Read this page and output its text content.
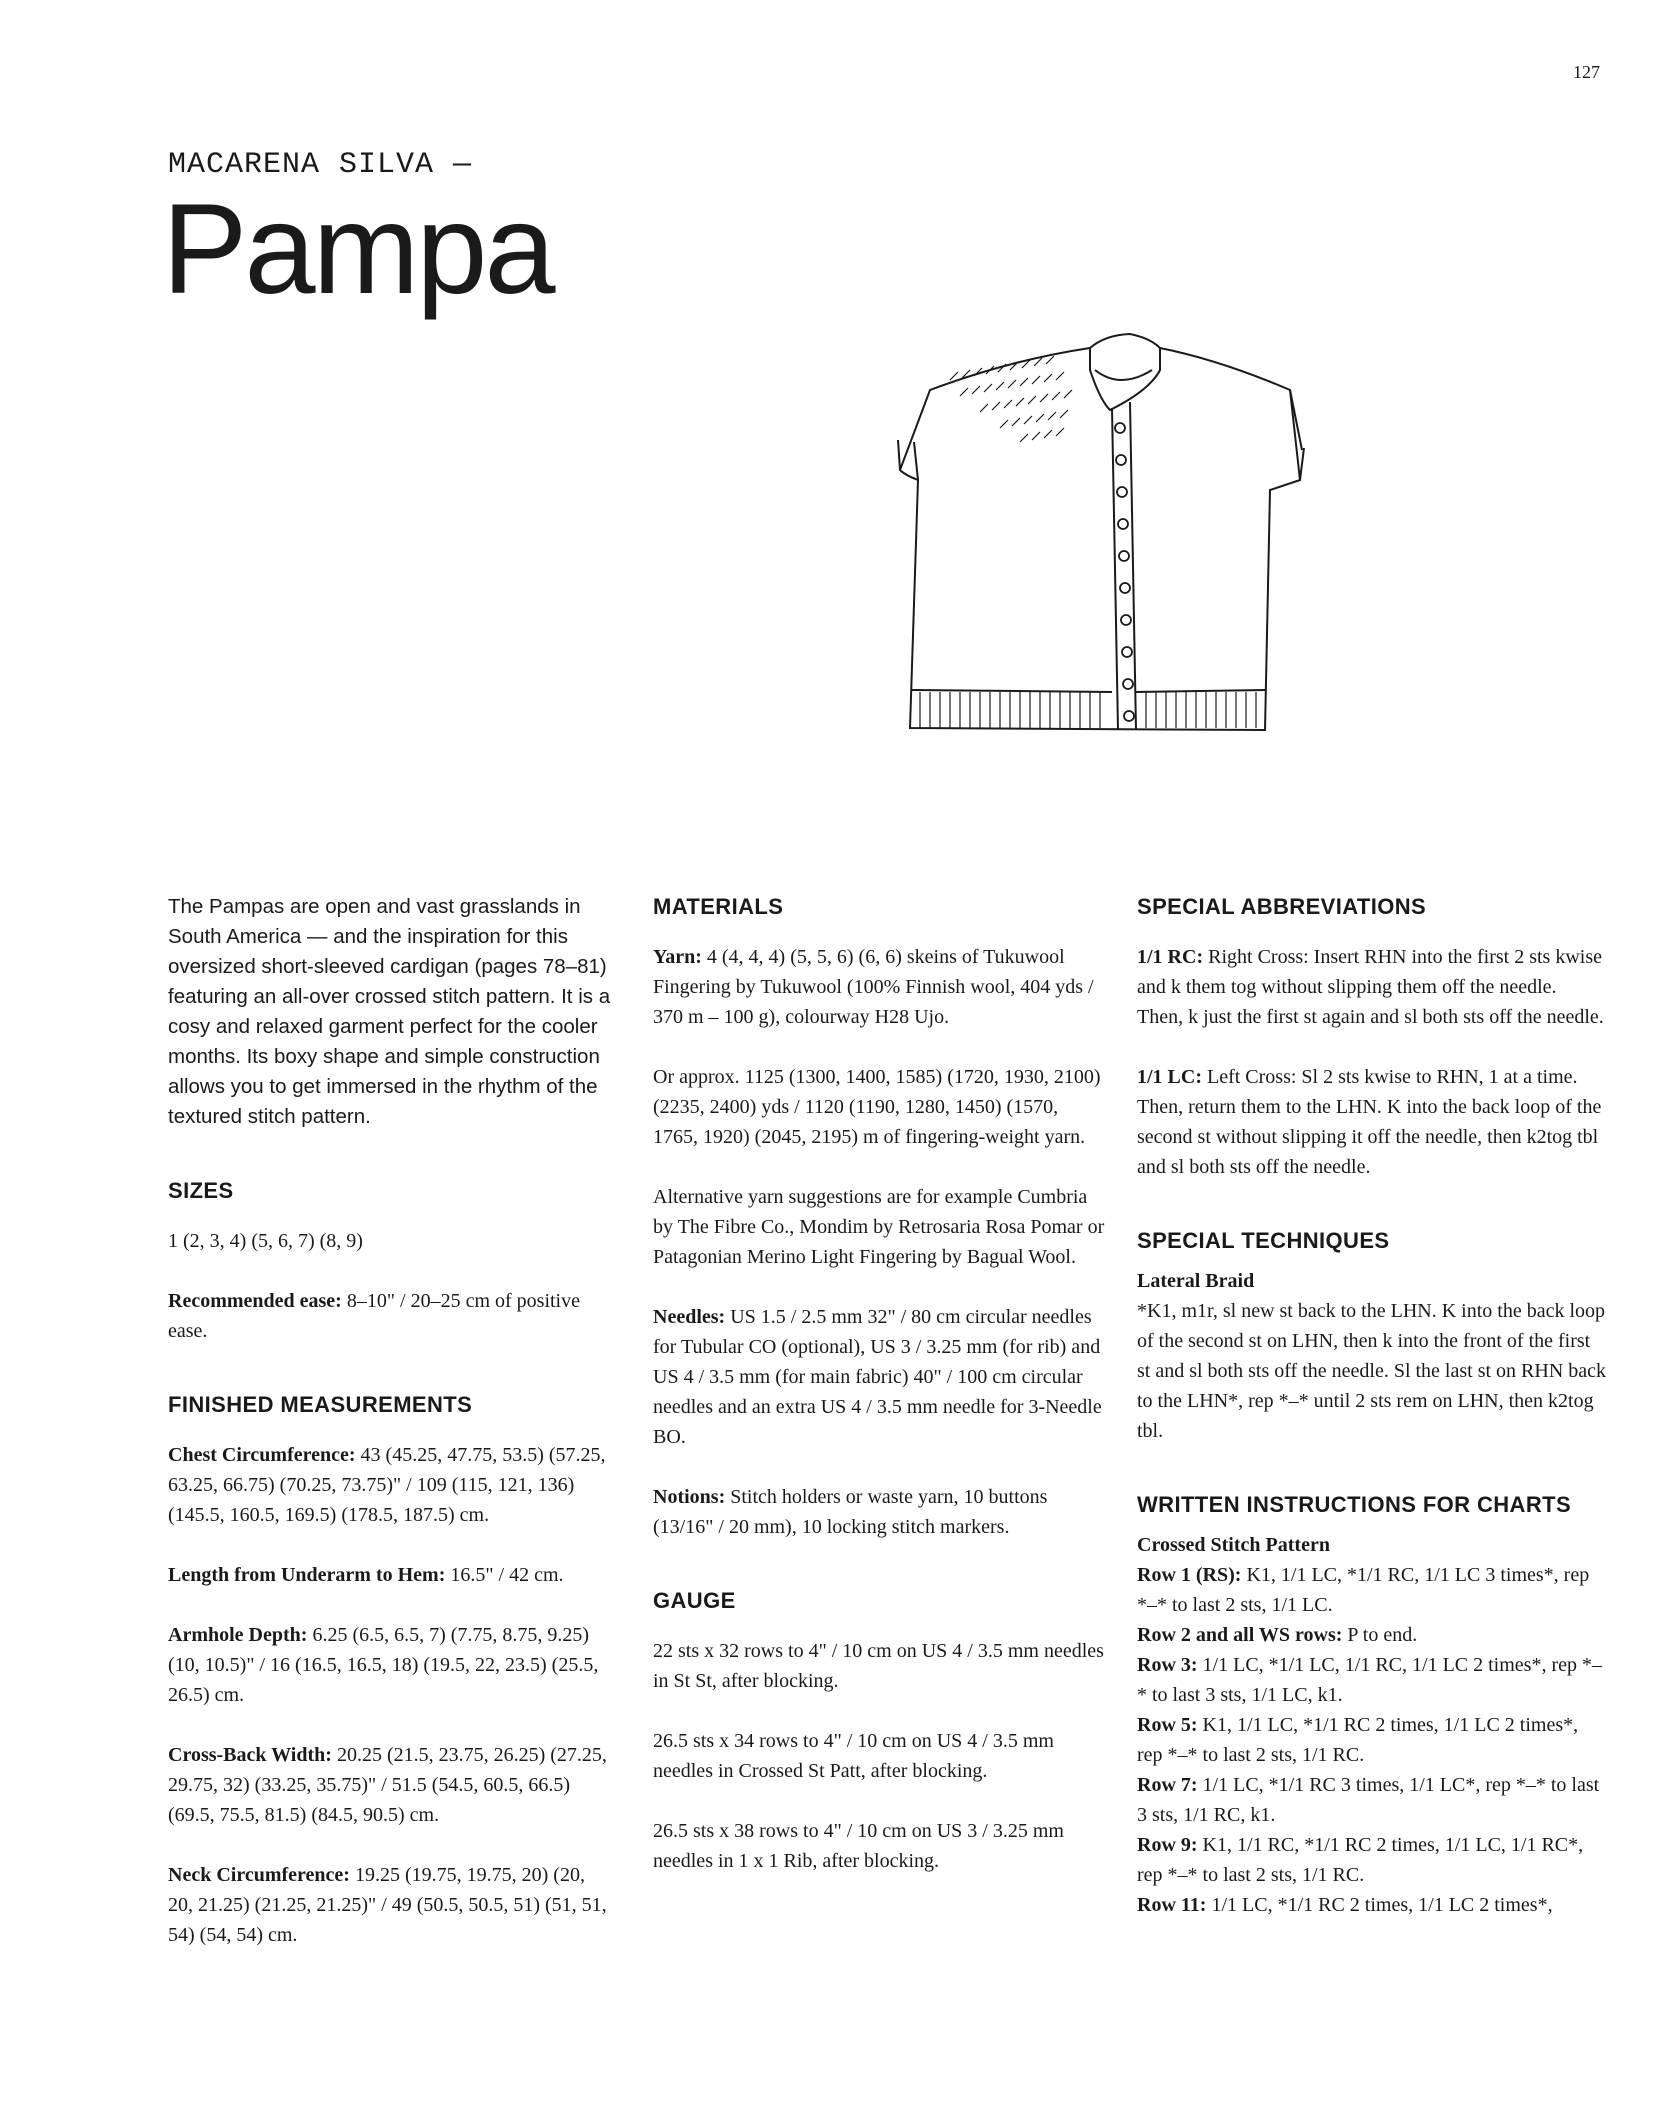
127
MACARENA SILVA —
Pampa

The Pampas are open and vast grasslands in South America — and the inspiration for this oversized short-sleeved cardigan (pages 78–81) featuring an all-over crossed stitch pattern. It is a cosy and relaxed garment perfect for the cooler months. Its boxy shape and simple construction allows you to get immersed in the rhythm of the textured stitch pattern.

SIZES

1 (2, 3, 4) (5, 6, 7) (8, 9)

Recommended ease: 8–10" / 20–25 cm of positive ease.

FINISHED MEASUREMENTS

Chest Circumference: 43 (45.25, 47.75, 53.5) (57.25, 63.25, 66.75) (70.25, 73.75)" / 109 (115, 121, 136) (145.5, 160.5, 169.5) (178.5, 187.5) cm.

Length from Underarm to Hem: 16.5" / 42 cm.

Armhole Depth: 6.25 (6.5, 6.5, 7) (7.75, 8.75, 9.25) (10, 10.5)" / 16 (16.5, 16.5, 18) (19.5, 22, 23.5) (25.5, 26.5) cm.

Cross-Back Width: 20.25 (21.5, 23.75, 26.25) (27.25, 29.75, 32) (33.25, 35.75)" / 51.5 (54.5, 60.5, 66.5) (69.5, 75.5, 81.5) (84.5, 90.5) cm.

Neck Circumference: 19.25 (19.75, 19.75, 20) (20, 20, 21.25) (21.25, 21.25)" / 49 (50.5, 50.5, 51) (51, 51, 54) (54, 54) cm.

MATERIALS

Yarn: 4 (4, 4, 4) (5, 5, 6) (6, 6) skeins of Tukuwool Fingering by Tukuwool (100% Finnish wool, 404 yds / 370 m – 100 g), colourway H28 Ujo.

Or approx. 1125 (1300, 1400, 1585) (1720, 1930, 2100) (2235, 2400) yds / 1120 (1190, 1280, 1450) (1570, 1765, 1920) (2045, 2195) m of fingering-weight yarn.

Alternative yarn suggestions are for example Cumbria by The Fibre Co., Mondim by Retrosaria Rosa Pomar or Patagonian Merino Light Fingering by Bagual Wool.

Needles: US 1.5 / 2.5 mm 32" / 80 cm circular needles for Tubular CO (optional), US 3 / 3.25 mm (for rib) and US 4 / 3.5 mm (for main fabric) 40" / 100 cm circular needles and an extra US 4 / 3.5 mm needle for 3-Needle BO.

Notions: Stitch holders or waste yarn, 10 buttons (13/16" / 20 mm), 10 locking stitch markers.

GAUGE

22 sts x 32 rows to 4" / 10 cm on US 4 / 3.5 mm needles in St St, after blocking.

26.5 sts x 34 rows to 4" / 10 cm on US 4 / 3.5 mm needles in Crossed St Patt, after blocking.

26.5 sts x 38 rows to 4" / 10 cm on US 3 / 3.25 mm needles in 1 x 1 Rib, after blocking.

SPECIAL ABBREVIATIONS

1/1 RC: Right Cross: Insert RHN into the first 2 sts kwise and k them tog without slipping them off the needle. Then, k just the first st again and sl both sts off the needle.

1/1 LC: Left Cross: Sl 2 sts kwise to RHN, 1 at a time. Then, return them to the LHN. K into the back loop of the second st without slipping it off the needle, then k2tog tbl and sl both sts off the needle.

SPECIAL TECHNIQUES
Lateral Braid

*K1, m1r, sl new st back to the LHN. K into the back loop of the second st on LHN, then k into the front of the first st and sl both sts off the needle. Sl the last st on RHN back to the LHN*, rep *–* until 2 sts rem on LHN, then k2tog tbl.

WRITTEN INSTRUCTIONS FOR CHARTS
Crossed Stitch Pattern
Row 1 (RS): K1, 1/1 LC, *1/1 RC, 1/1 LC 3 times*, rep *–* to last 2 sts, 1/1 LC.
Row 2 and all WS rows: P to end.
Row 3: 1/1 LC, *1/1 LC, 1/1 RC, 1/1 LC 2 times*, rep *–* to last 3 sts, 1/1 LC, k1.
Row 5: K1, 1/1 LC, *1/1 RC 2 times, 1/1 LC 2 times*, rep *–* to last 2 sts, 1/1 RC.
Row 7: 1/1 LC, *1/1 RC 3 times, 1/1 LC*, rep *–* to last 3 sts, 1/1 RC, k1.
Row 9: K1, 1/1 RC, *1/1 RC 2 times, 1/1 LC, 1/1 RC*, rep *–* to last 2 sts, 1/1 RC.
Row 11: 1/1 LC, *1/1 RC 2 times, 1/1 LC 2 times*,
